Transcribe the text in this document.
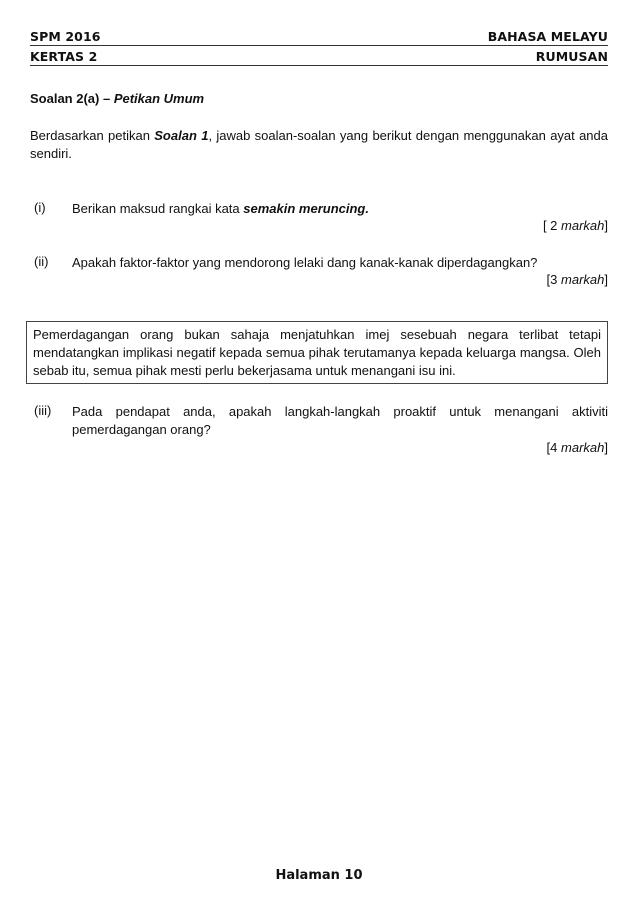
SPM 2016	BAHASA MELAYU
KERTAS 2	RUMUSAN
Soalan 2(a) – Petikan Umum
Berdasarkan petikan Soalan 1, jawab soalan-soalan yang berikut dengan menggunakan ayat anda sendiri.
(i) Berikan maksud rangkai kata semakin meruncing.
[ 2 markah]
(ii) Apakah faktor-faktor yang mendorong lelaki dang kanak-kanak diperdagangkan?
[3 markah]
Pemerdagangan orang bukan sahaja menjatuhkan imej sesebuah negara terlibat tetapi mendatangkan implikasi negatif kepada semua pihak terutamanya kepada keluarga mangsa. Oleh sebab itu, semua pihak mesti perlu bekerjasama untuk menangani isu ini.
(iii) Pada pendapat anda, apakah langkah-langkah proaktif untuk menangani aktiviti pemerdagangan orang?
[4 markah]
Halaman 10
